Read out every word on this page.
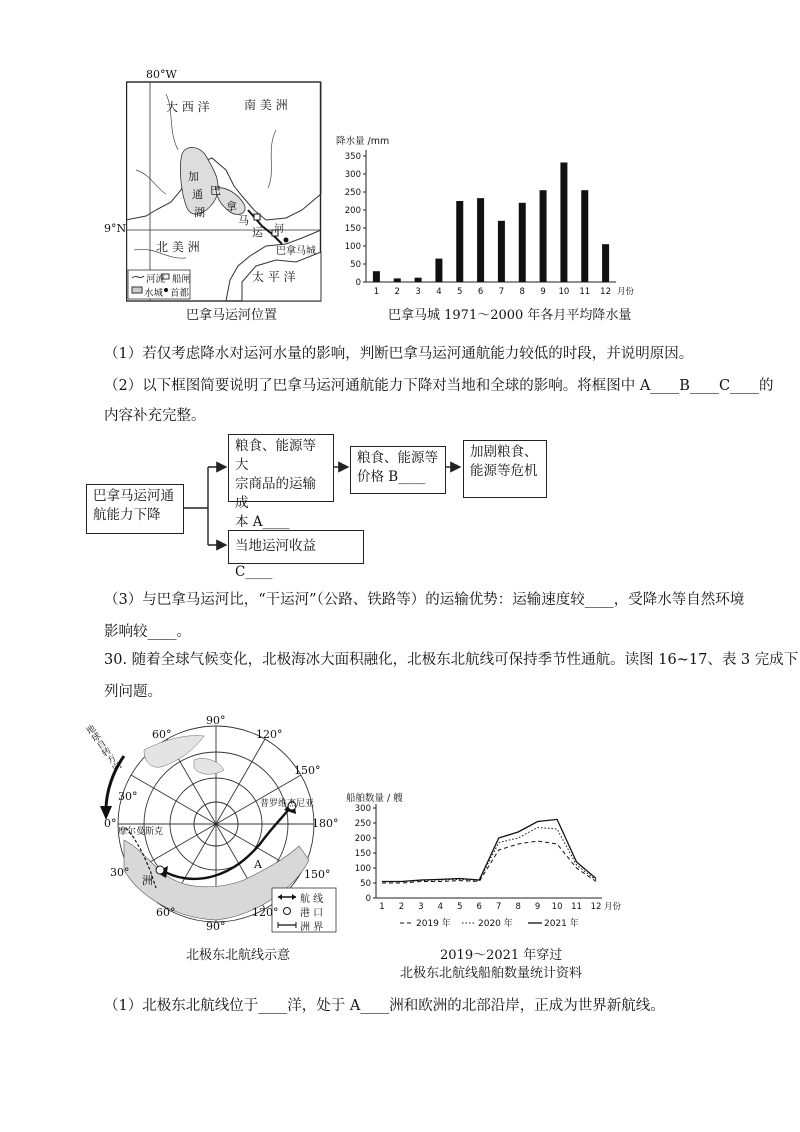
80°W
9°N
大 西 洋	南 美 洲
北 美 洲
太 平 洋
加
通
湖
巴
拿
马
运 河
巴拿马城
河流 船闸
水城 首都
巴拿马运河位置
降水量 /mm
0
50
100
150
200
250
300
350
1 2 3 4 5 6 7 8 9 10 11 12 月份
巴拿马城 1971～2000 年各月平均降水量
（1）若仅考虑降水对运河水量的影响，判断巴拿马运河通航能力较低的时段，并说明原因。
（2）以下框图简要说明了巴拿马运河通航能力下降对当地和全球的影响。将框图中 A____B____C____的
内容补充完整。
巴拿马运河通
航能力下降
粮食、能源等大
宗商品的运输成
本 A____
粮食、能源等
价格 B____
加剧粮食、
能源等危机
当地运河收益 C____
（3）与巴拿马运河比，“干运河”（公路、铁路等）的运输优势：运输速度较____，受降水等自然环境
影响较____。
30. 随着全球气候变化，北极海冰大面积融化，北极东北航线可保持季节性通航。读图 16~17、表 3 完成下
列问题。
90°
60°	120°
150°
30°
0°	180°
30°	150°
60°
90°
120°
地球自转方向
摩尔曼斯克
普罗维杰尼亚
洲
A
航 线
港 口
洲 界
北极东北航线示意
船舶数量 / 艘
0
50
100
150
200
250
300
1 2 3 4 5 6 7 8 9 10 11 12 月份
2019 年	2020 年	2021 年
2019～2021 年穿过
北极东北航线船舶数量统计资料
（1）北极东北航线位于____洋，处于 A____洲和欧洲的北部沿岸，正成为世界新航线。
